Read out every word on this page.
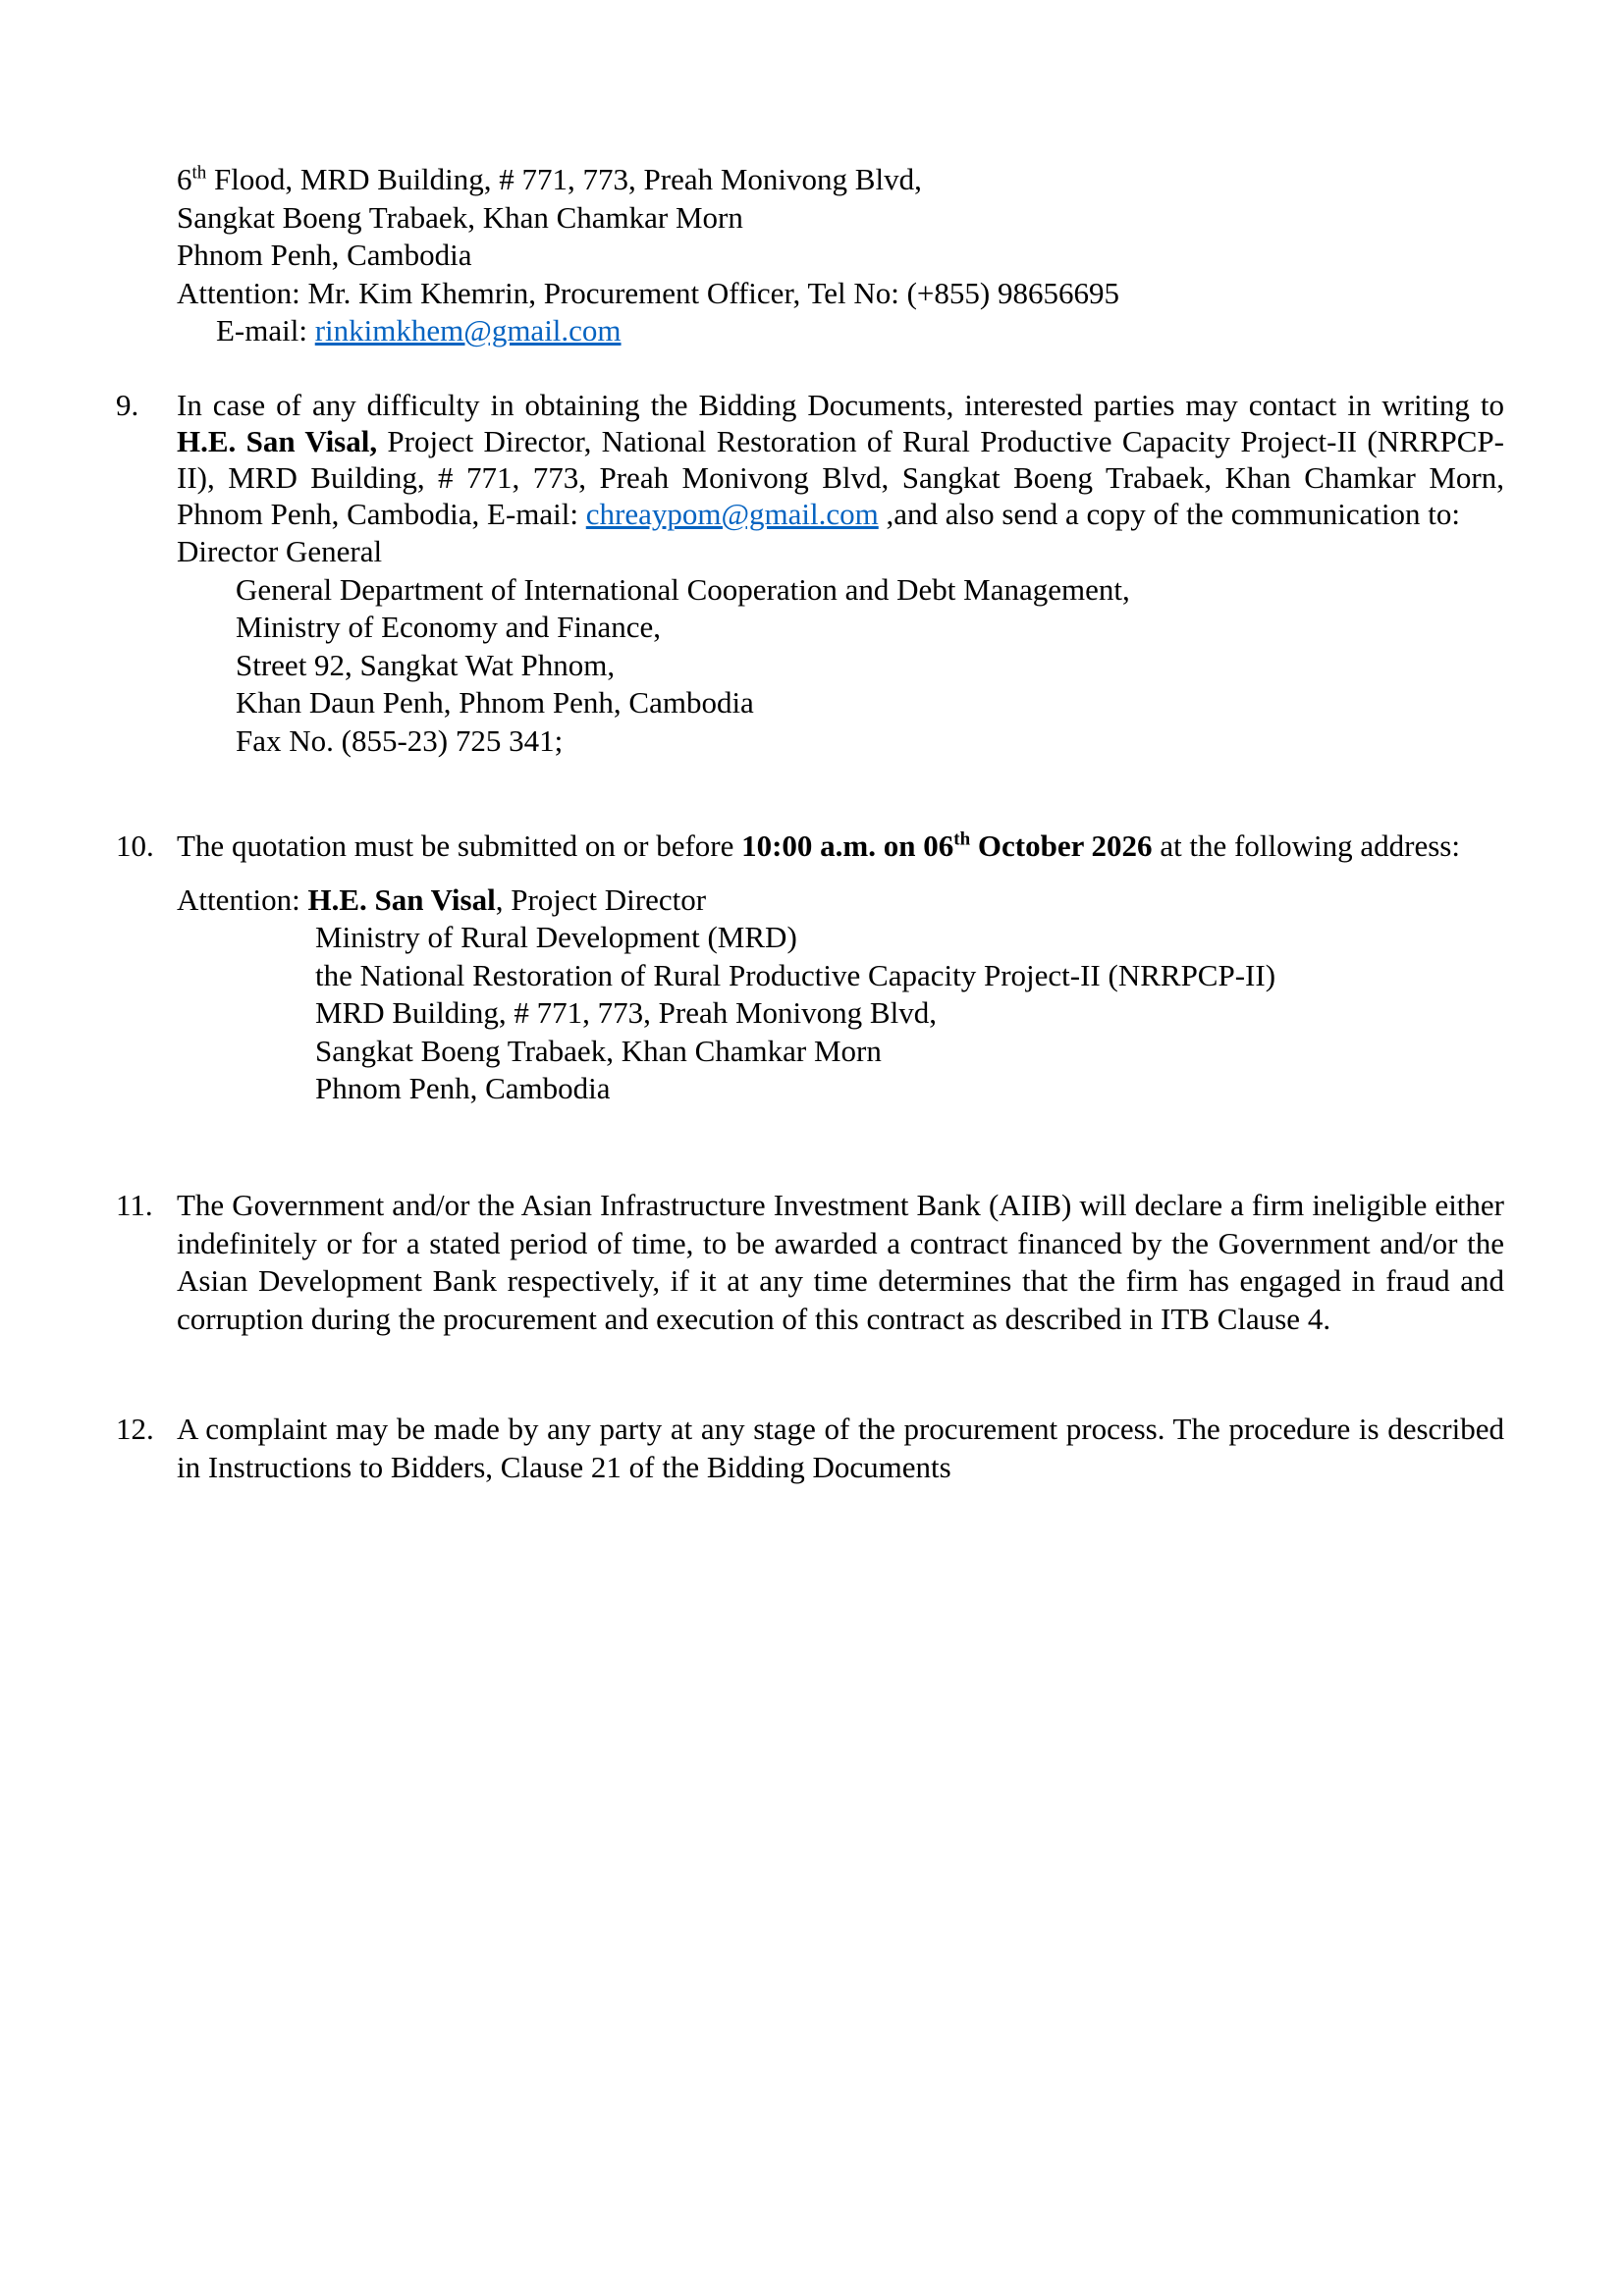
6th Flood, MRD Building, # 771, 773, Preah Monivong Blvd,
Sangkat Boeng Trabaek, Khan Chamkar Morn
Phnom Penh, Cambodia
Attention: Mr. Kim Khemrin, Procurement Officer, Tel No: (+855) 98656695
E-mail: rinkimkhem@gmail.com
9.	In case of any difficulty in obtaining the Bidding Documents, interested parties may contact in writing to H.E. San Visal, Project Director, National Restoration of Rural Productive Capacity Project-II (NRRPCP-II), MRD Building, # 771, 773, Preah Monivong Blvd, Sangkat Boeng Trabaek, Khan Chamkar Morn, Phnom Penh, Cambodia, E-mail: chreaypom@gmail.com ,and also send a copy of the communication to:
Director General
General Department of International Cooperation and Debt Management,
Ministry of Economy and Finance,
Street 92, Sangkat Wat Phnom,
Khan Daun Penh, Phnom Penh, Cambodia
Fax No. (855-23) 725 341;
10. The quotation must be submitted on or before 10:00 a.m. on 06th October 2026 at the following address:
Attention: H.E. San Visal, Project Director
Ministry of Rural Development (MRD)
the National Restoration of Rural Productive Capacity Project-II (NRRPCP-II)
MRD Building, # 771, 773, Preah Monivong Blvd,
Sangkat Boeng Trabaek, Khan Chamkar Morn
Phnom Penh, Cambodia
11. The Government and/or the Asian Infrastructure Investment Bank (AIIB) will declare a firm ineligible either indefinitely or for a stated period of time, to be awarded a contract financed by the Government and/or the Asian Development Bank respectively, if it at any time determines that the firm has engaged in fraud and corruption during the procurement and execution of this contract as described in ITB Clause 4.
12. A complaint may be made by any party at any stage of the procurement process. The procedure is described in Instructions to Bidders, Clause 21 of the Bidding Documents
